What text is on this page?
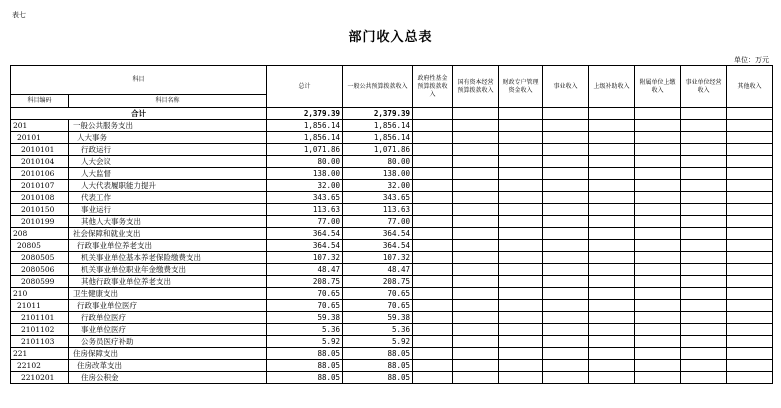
表七
部门收入总表
单位：万元
科目		总计	一般公共预算拨款收入	政府性基金预算拨款收入	国有资本经营预算拨款收入	财政专户管理资金收入	事业收入	上级补助收入	附属单位上缴收入	事业单位经营收入	其他收入
科目编码	科目名称										
合计		2,379.39	2,379.39								
201	一般公共服务支出	1,856.14	1,856.14								
20101	人大事务	1,856.14	1,856.14								
2010101	行政运行	1,071.86	1,071.86								
2010104	人大会议	80.00	80.00								
2010106	人大监督	138.00	138.00								
2010107	人大代表履职能力提升	32.00	32.00								
2010108	代表工作	343.65	343.65								
2010150	事业运行	113.63	113.63								
2010199	其他人大事务支出	77.00	77.00								
208	社会保障和就业支出	364.54	364.54								
20805	行政事业单位养老支出	364.54	364.54								
2080505	机关事业单位基本养老保险缴费支出	107.32	107.32								
2080506	机关事业单位职业年金缴费支出	48.47	48.47								
2080599	其他行政事业单位养老支出	208.75	208.75								
210	卫生健康支出	70.65	70.65								
21011	行政事业单位医疗	70.65	70.65								
2101101	行政单位医疗	59.38	59.38								
2101102	事业单位医疗	5.36	5.36								
2101103	公务员医疗补助	5.92	5.92								
221	住房保障支出	88.05	88.05								
22102	住房改革支出	88.05	88.05								
2210201	住房公积金	88.05	88.05								
